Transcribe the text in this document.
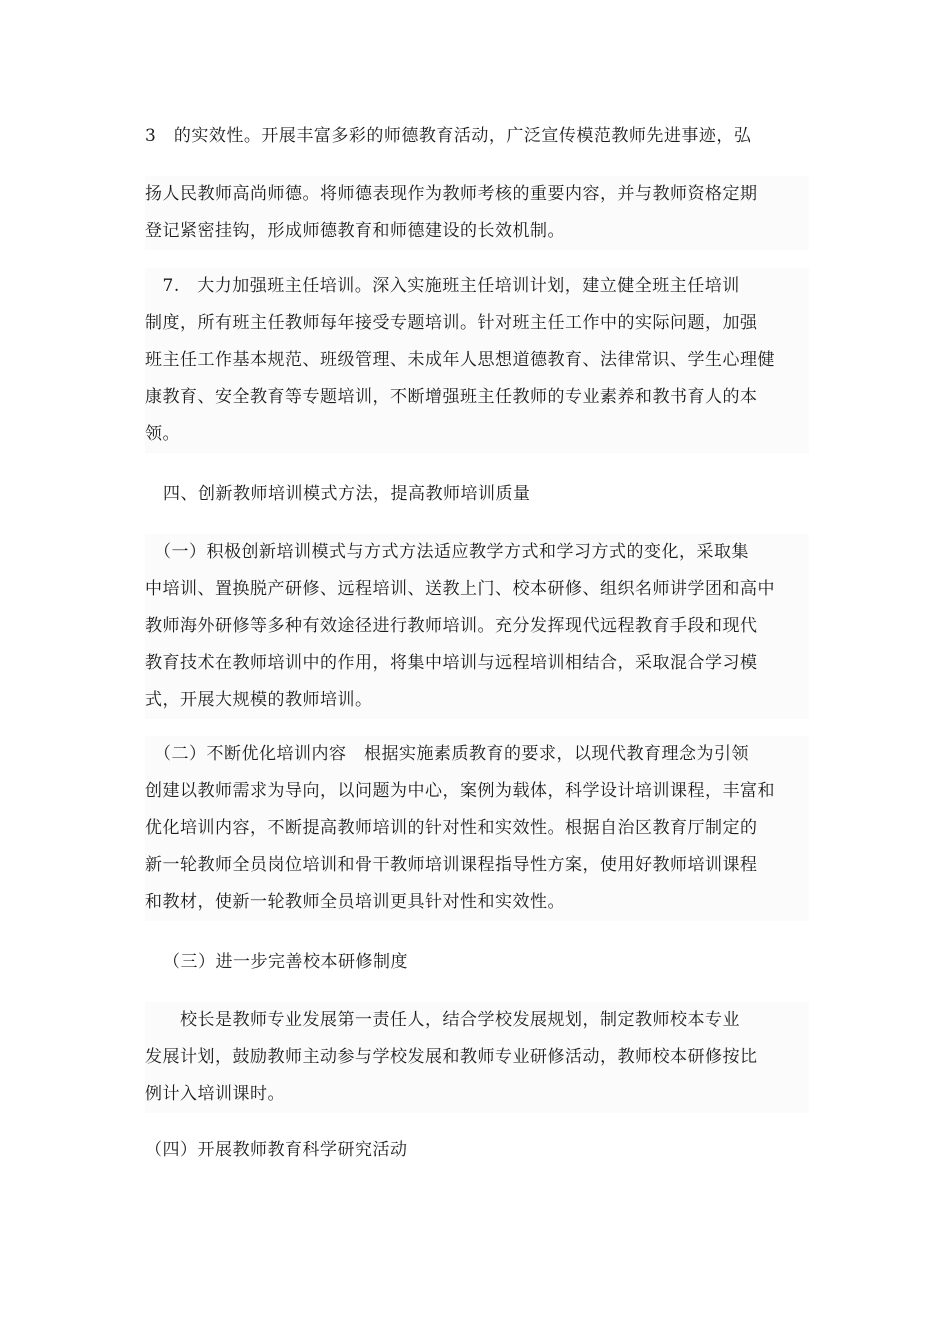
3　的实效性。开展丰富多彩的师德教育活动，广泛宣传模范教师先进事迹，弘
扬人民教师高尚师德。将师德表现作为教师考核的重要内容，并与教师资格定期
登记紧密挂钩，形成师德教育和师德建设的长效机制。
　7.　大力加强班主任培训。深入实施班主任培训计划，建立健全班主任培训
制度，所有班主任教师每年接受专题培训。针对班主任工作中的实际问题，加强
班主任工作基本规范、班级管理、未成年人思想道德教育、法律常识、学生心理健
康教育、安全教育等专题培训，不断增强班主任教师的专业素养和教书育人的本
领。
四、创新教师培训模式方法，提高教师培训质量
　（一）积极创新培训模式与方式方法适应教学方式和学习方式的变化，采取集
中培训、置换脱产研修、远程培训、送教上门、校本研修、组织名师讲学团和高中
教师海外研修等多种有效途径进行教师培训。充分发挥现代远程教育手段和现代
教育技术在教师培训中的作用，将集中培训与远程培训相结合，采取混合学习模
式，开展大规模的教师培训。
　（二）不断优化培训内容　根据实施素质教育的要求，以现代教育理念为引领
创建以教师需求为导向，以问题为中心，案例为载体，科学设计培训课程，丰富和
优化培训内容，不断提高教师培训的针对性和实效性。根据自治区教育厅制定的
新一轮教师全员岗位培训和骨干教师培训课程指导性方案，使用好教师培训课程
和教材，使新一轮教师全员培训更具针对性和实效性。
（三）进一步完善校本研修制度
　　校长是教师专业发展第一责任人，结合学校发展规划，制定教师校本专业
发展计划，鼓励教师主动参与学校发展和教师专业研修活动，教师校本研修按比
例计入培训课时。
（四）开展教师教育科学研究活动
